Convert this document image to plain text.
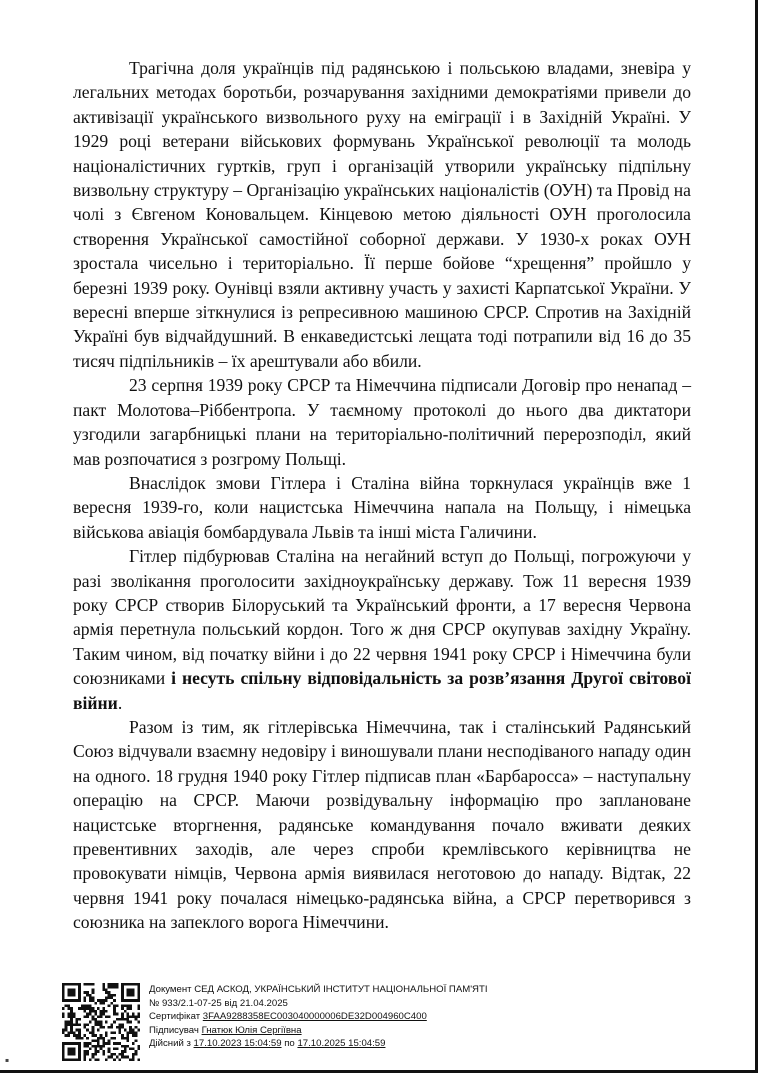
Трагічна доля українців під радянською і польською владами, зневіра у легальних методах боротьби, розчарування західними демократіями привели до активізації українського визвольного руху на еміграції і в Західній Україні. У 1929 році ветерани військових формувань Української революції та молодь націоналістичних гуртків, груп і організацій утворили українську підпільну визвольну структуру – Організацію українських націоналістів (ОУН) та Провід на чолі з Євгеном Коновальцем. Кінцевою метою діяльності ОУН проголосила створення Української самостійної соборної держави. У 1930-х роках ОУН зростала чисельно і територіально. Її перше бойове “хрещення” пройшло у березні 1939 року. Оунівці взяли активну участь у захисті Карпатської України. У вересні вперше зіткнулися із репресивною машиною СРСР. Спротив на Західній Україні був відчайдушний. В енкаведистські лещата тоді потрапили від 16 до 35 тисяч підпільників – їх арештували або вбили.

23 серпня 1939 року СРСР та Німеччина підписали Договір про ненапад – пакт Молотова–Ріббентропа. У таємному протоколі до нього два диктатори узгодили загарбницькі плани на територіально-політичний перерозподіл, який мав розпочатися з розгрому Польщі.

Внаслідок змови Гітлера і Сталіна війна торкнулася українців вже 1 вересня 1939-го, коли нацистська Німеччина напала на Польщу, і німецька військова авіація бомбардувала Львів та інші міста Галичини.

Гітлер підбурював Сталіна на негайний вступ до Польщі, погрожуючи у разі зволікання проголосити західноукраїнську державу. Тож 11 вересня 1939 року СРСР створив Білоруський та Український фронти, а 17 вересня Червона армія перетнула польський кордон. Того ж дня СРСР окупував західну Україну. Таким чином, від початку війни і до 22 червня 1941 року СРСР і Німеччина були союзниками і несуть спільну відповідальність за розв’язання Другої світової війни.

Разом із тим, як гітлерівська Німеччина, так і сталінський Радянський Союз відчували взаємну недовіру і виношували плани несподіваного нападу один на одного. 18 грудня 1940 року Гітлер підписав план «Барбаросса» – наступальну операцію на СРСР. Маючи розвідувальну інформацію про заплановане нацистське вторгнення, радянське командування почало вживати деяких превентивних заходів, але через спроби кремлівського керівництва не провокувати німців, Червона армія виявилася неготовою до нападу. Відтак, 22 червня 1941 року почалася німецько-радянська війна, а СРСР перетворився з союзника на запеклого ворога Німеччини.

Документ СЕД АСКОД, УКРАЇНСЬКИЙ ІНСТИТУТ НАЦІОНАЛЬНОЇ ПАМ'ЯТІ
№ 933/2.1-07-25 від 21.04.2025
Сертифікат 3FAA9288358EC003040000006DE32D004960C400
Підписувач Гнатюк Юлія Сергіївна
Дійсний з 17.10.2023 15:04:59 по 17.10.2025 15:04:59
▪
